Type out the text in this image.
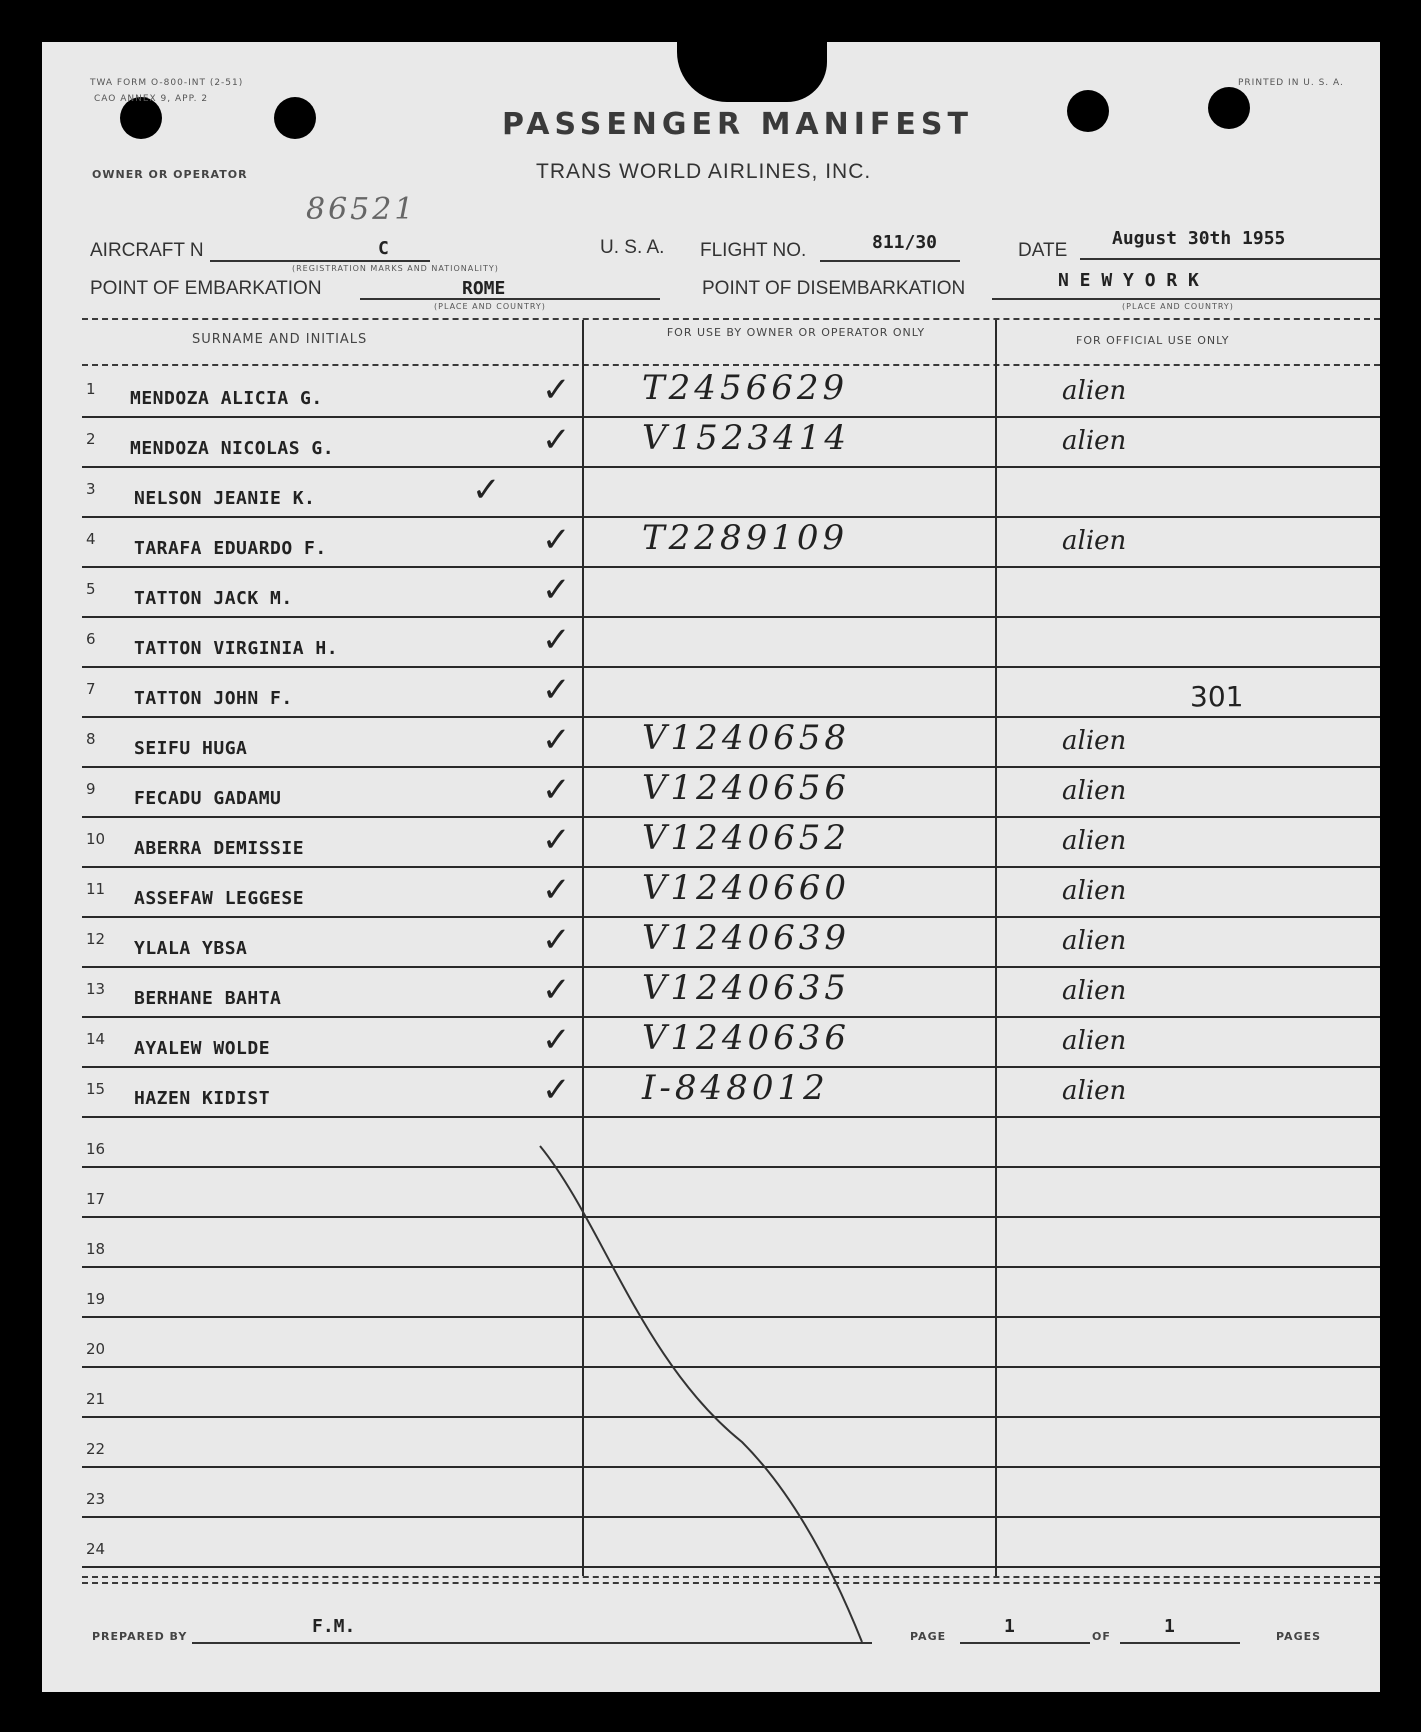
TWA FORM O-800-INT (2-51)
CAO ANNEX 9, APP. 2
PRINTED IN U. S. A.
PASSENGER MANIFEST
TRANS WORLD AIRLINES, INC.
OWNER OR OPERATOR
AIRCRAFT N
86521
C
(REGISTRATION MARKS AND NATIONALITY)
U. S. A. FLIGHT NO.	811/30	DATE
August 30th 1955
POINT OF EMBARKATION	ROME
(PLACE AND COUNTRY)
POINT OF DISEMBARKATION	N E W Y O R K
(PLACE AND COUNTRY)
SURNAME AND INITIALS	FOR USE BY OWNER OR OPERATOR ONLY
FOR OFFICIAL USE ONLY
1 MENDOZA ALICIA G.	✓ T2456629	alien
2 MENDOZA NICOLAS G.	✓ V1523414	alien
3 NELSON JEANIE K.	✓
4 TARAFA EDUARDO F.	✓ T2289109	alien
5 TATTON JACK M.	✓
6 TATTON VIRGINIA H.	✓
7 TATTON JOHN F.	✓	301
8 SEIFU HUGA	✓ V1240658	alien
9 FECADU GADAMU	✓ V1240656	alien
10 ABERRA DEMISSIE	✓ V1240652	alien
11 ASSEFAW LEGGESE	✓ V1240660	alien
12 YLALA YBSA	✓ V1240639	alien
13 BERHANE BAHTA	✓ V1240635	alien
14 AYALEW WOLDE	✓ V1240636	alien
15 HAZEN KIDIST	✓ I-848012	alien
16
17
18
19
20
21
22
23
24
PREPARED BY	F.M.	PAGE	1	OF	1	PAGES
